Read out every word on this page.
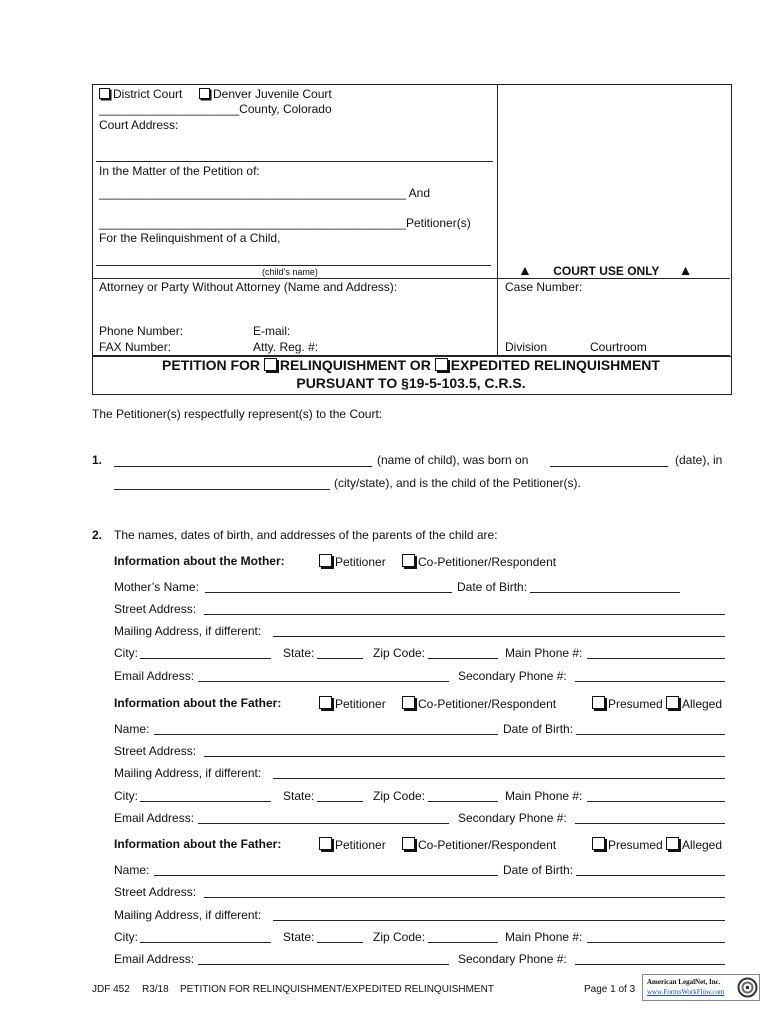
District Court	Denver Juvenile Court
_____________________County, Colorado
Court Address:
In the Matter of the Petition of:
______________________________________________ And
______________________________________________Petitioner(s)
For the Relinquishment of a Child,
(child’s name)	▲ COURT USE ONLY ▲
Attorney or Party Without Attorney (Name and Address):
Phone Number:	E-mail:
FAX Number:	Atty. Reg. #:
Case Number:
Division	Courtroom
PETITION FOR RELINQUISHMENT OR EXPEDITED RELINQUISHMENT
PURSUANT TO §19-5-103.5, C.R.S.
The Petitioner(s) respectfully represent(s) to the Court:
1.	(name of child), was born on	(date), in
(city/state), and is the child of the Petitioner(s).
2. The names, dates of birth, and addresses of the parents of the child are:
Information about the Mother:	Petitioner	Co-Petitioner/Respondent
Mother’s Name:	Date of Birth:
Street Address:
Mailing Address, if different:
City:	State:	Zip Code:	Main Phone #:
Email Address:	Secondary Phone #:
Information about the Father:	Petitioner	Co-Petitioner/Respondent	Presumed	Alleged
Name:	Date of Birth:
Street Address:
Mailing Address, if different:
City:	State:	Zip Code:	Main Phone #:
Email Address:	Secondary Phone #:
Information about the Father:	Petitioner	Co-Petitioner/Respondent	Presumed	Alleged
Name:	Date of Birth:
Street Address:
Mailing Address, if different:
City:	State:	Zip Code:	Main Phone #:
Email Address:	Secondary Phone #:
JDF 452 R3/18 PETITION FOR RELINQUISHMENT/EXPEDITED RELINQUISHMENT	Page 1 of 3
American LegalNet, Inc.
www.FormsWorkFlow.com
